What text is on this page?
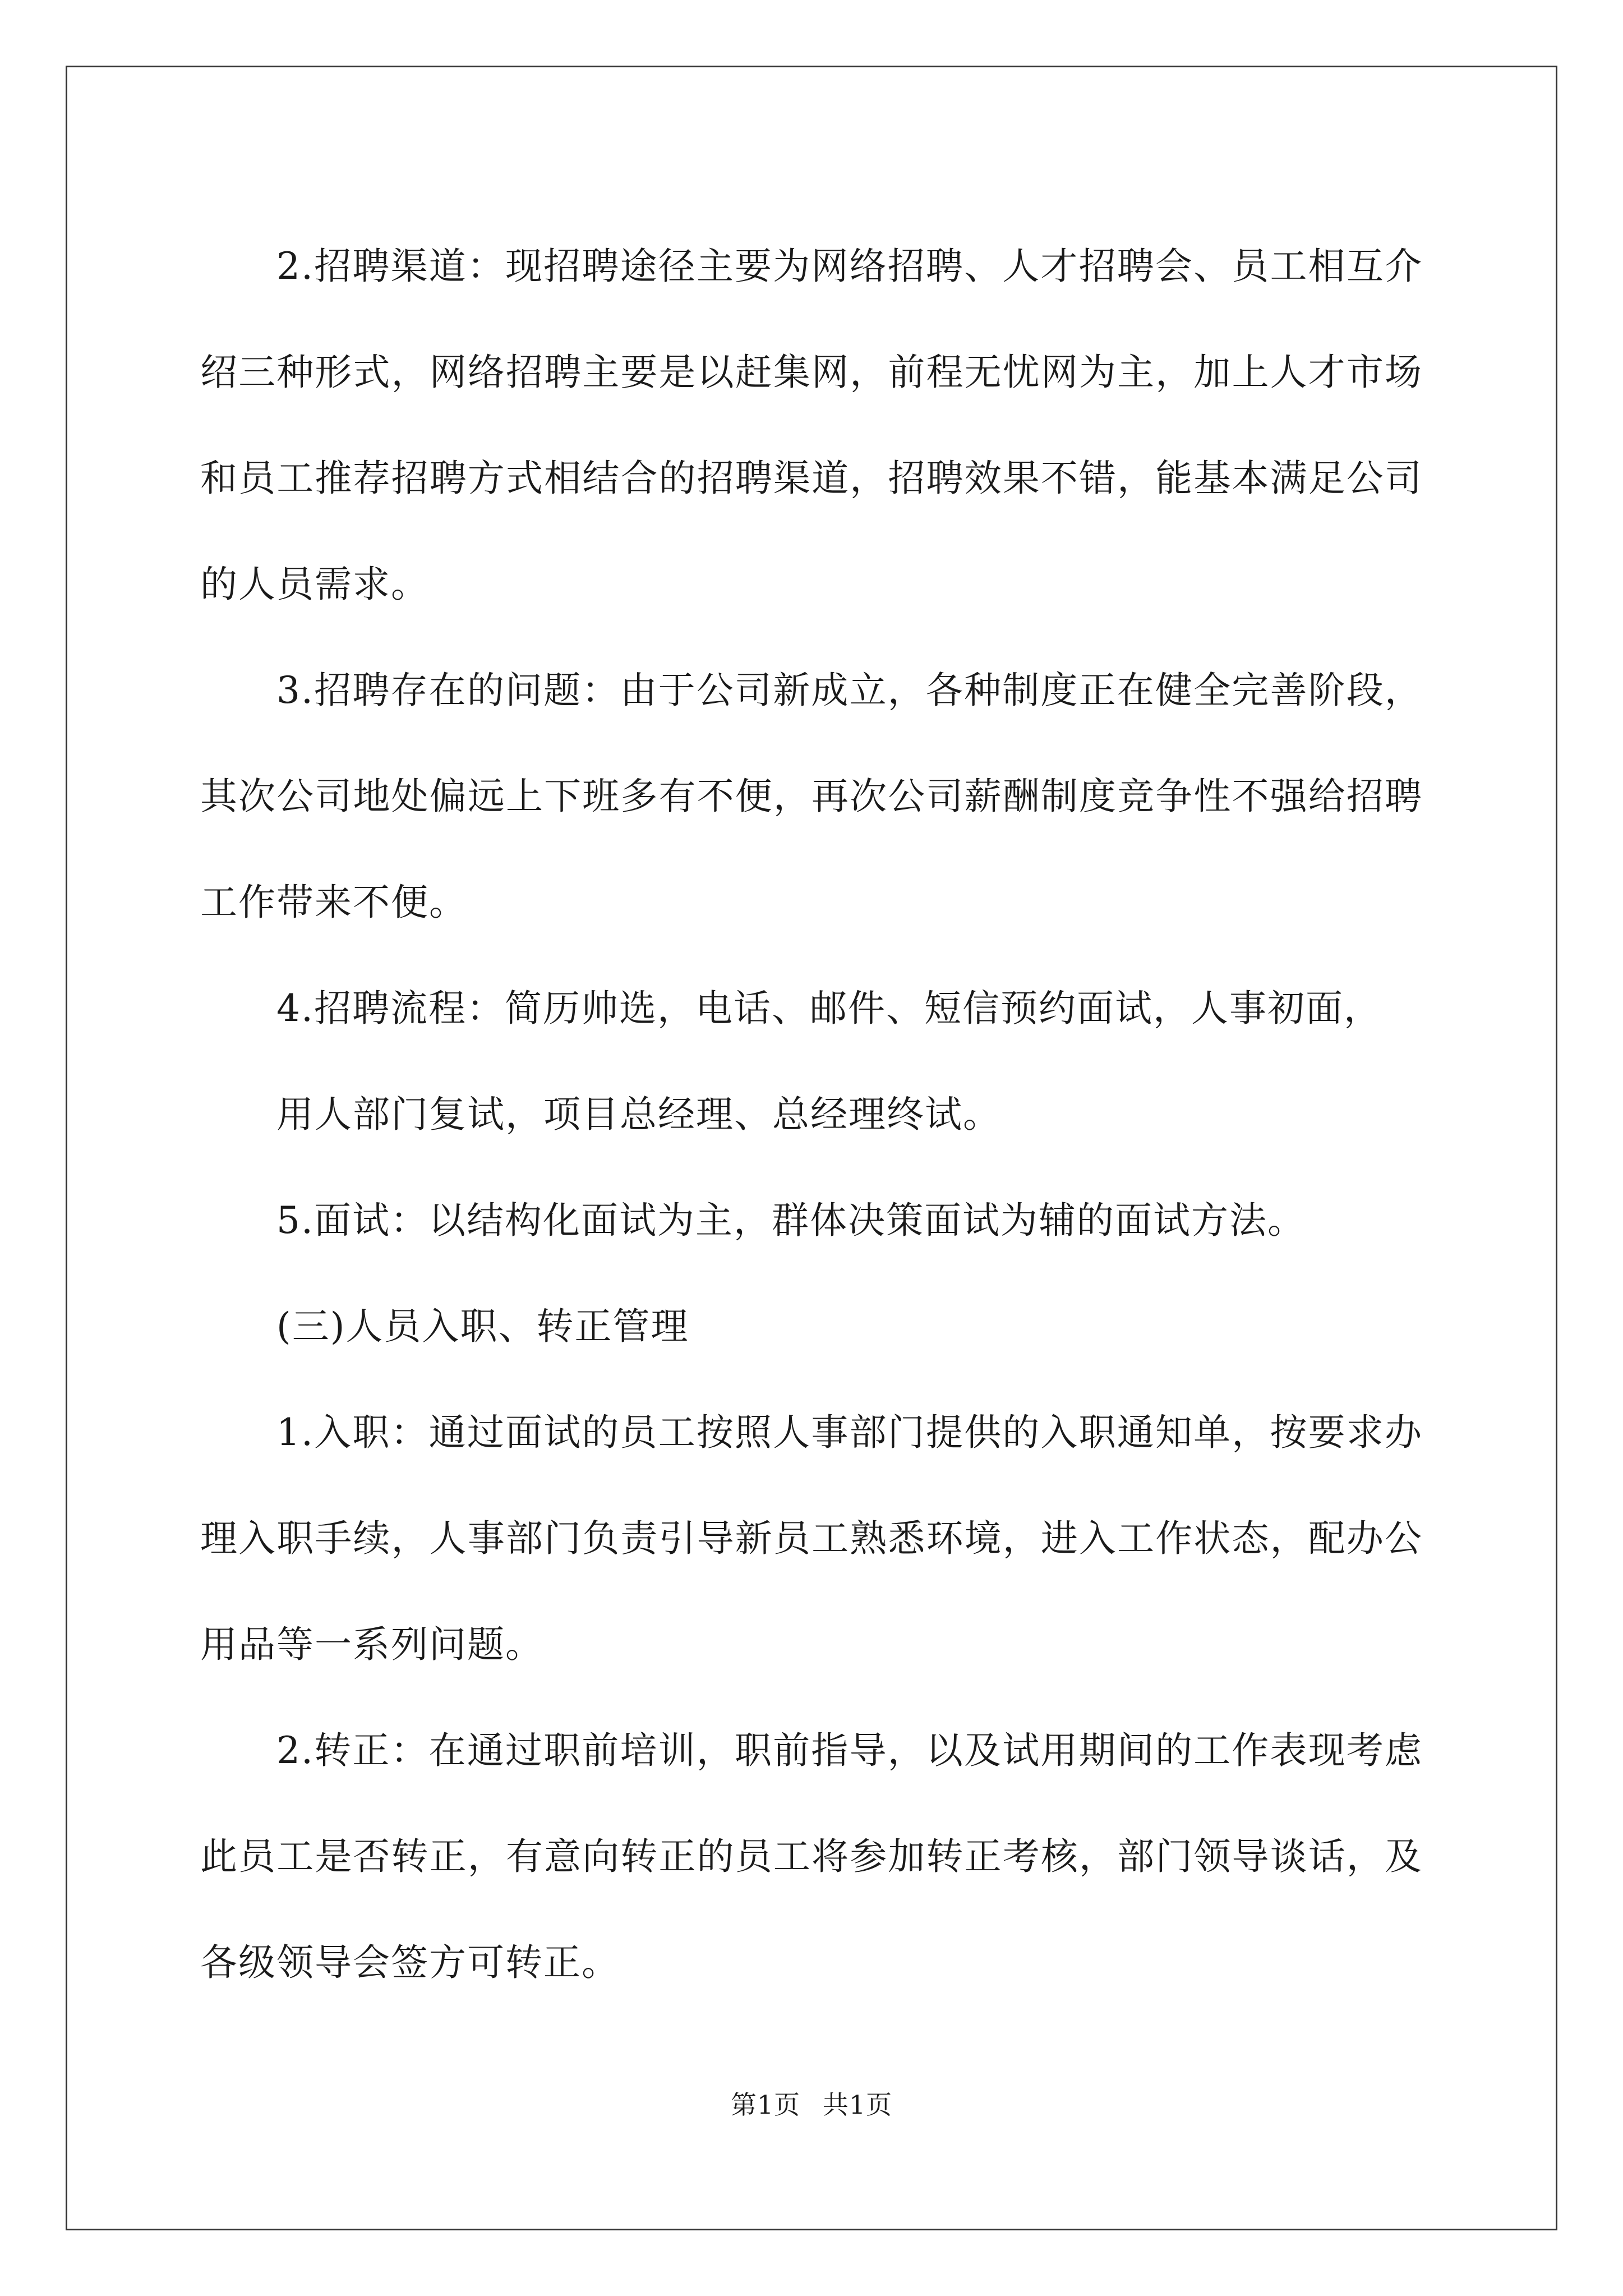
2.招聘渠道：现招聘途径主要为网络招聘、人才招聘会、员工相互介绍三种形式，网络招聘主要是以赶集网，前程无忧网为主，加上人才市场和员工推荐招聘方式相结合的招聘渠道，招聘效果不错，能基本满足公司的人员需求。

3.招聘存在的问题：由于公司新成立，各种制度正在健全完善阶段，其次公司地处偏远上下班多有不便，再次公司薪酬制度竞争性不强给招聘工作带来不便。

4.招聘流程：简历帅选，电话、邮件、短信预约面试，人事初面，

用人部门复试，项目总经理、总经理终试。

5.面试：以结构化面试为主，群体决策面试为辅的面试方法。

(三)人员入职、转正管理

1.入职：通过面试的员工按照人事部门提供的入职通知单，按要求办理入职手续，人事部门负责引导新员工熟悉环境，进入工作状态，配办公用品等一系列问题。

2.转正：在通过职前培训，职前指导，以及试用期间的工作表现考虑此员工是否转正，有意向转正的员工将参加转正考核，部门领导谈话，及各级领导会签方可转正。

第1页 共1页
